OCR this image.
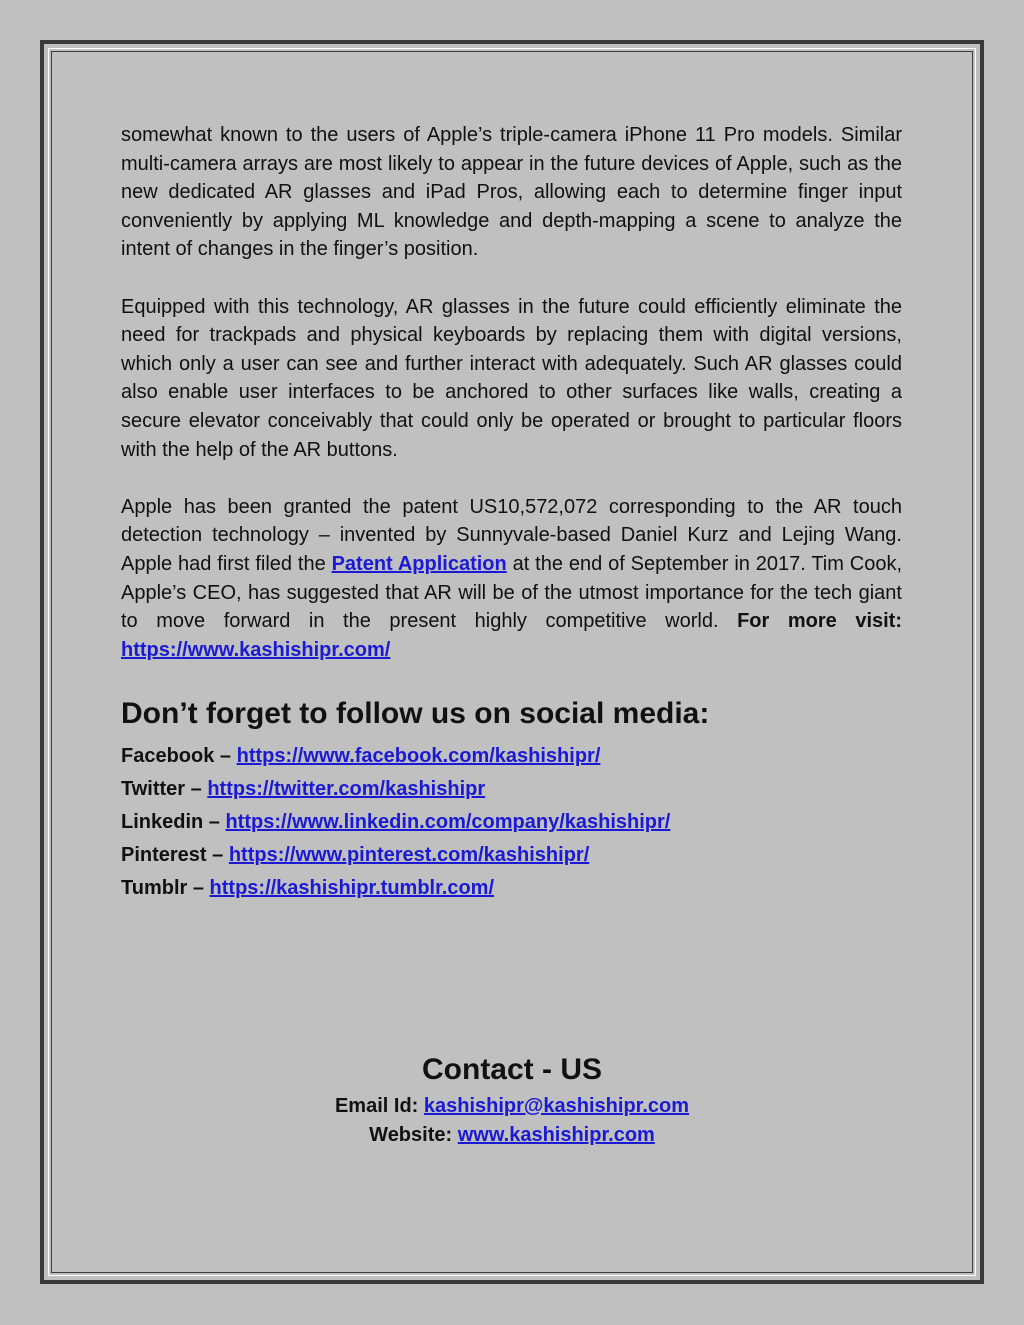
somewhat known to the users of Apple’s triple-camera iPhone 11 Pro models. Similar multi-camera arrays are most likely to appear in the future devices of Apple, such as the new dedicated AR glasses and iPad Pros, allowing each to determine finger input conveniently by applying ML knowledge and depth-mapping a scene to analyze the intent of changes in the finger’s position.

Equipped with this technology, AR glasses in the future could efficiently eliminate the need for trackpads and physical keyboards by replacing them with digital versions, which only a user can see and further interact with adequately. Such AR glasses could also enable user interfaces to be anchored to other surfaces like walls, creating a secure elevator conceivably that could only be operated or brought to particular floors with the help of the AR buttons.

Apple has been granted the patent US10,572,072 corresponding to the AR touch detection technology – invented by Sunnyvale-based Daniel Kurz and Lejing Wang. Apple had first filed the Patent Application at the end of September in 2017. Tim Cook, Apple’s CEO, has suggested that AR will be of the utmost importance for the tech giant to move forward in the present highly competitive world. For more visit: https://www.kashishipr.com/

Don’t forget to follow us on social media:

Facebook – https://www.facebook.com/kashishipr/

Twitter – https://twitter.com/kashishipr

Linkedin – https://www.linkedin.com/company/kashishipr/

Pinterest – https://www.pinterest.com/kashishipr/

Tumblr – https://kashishipr.tumblr.com/

Contact - US

Email Id: kashishipr@kashishipr.com

Website: www.kashishipr.com
